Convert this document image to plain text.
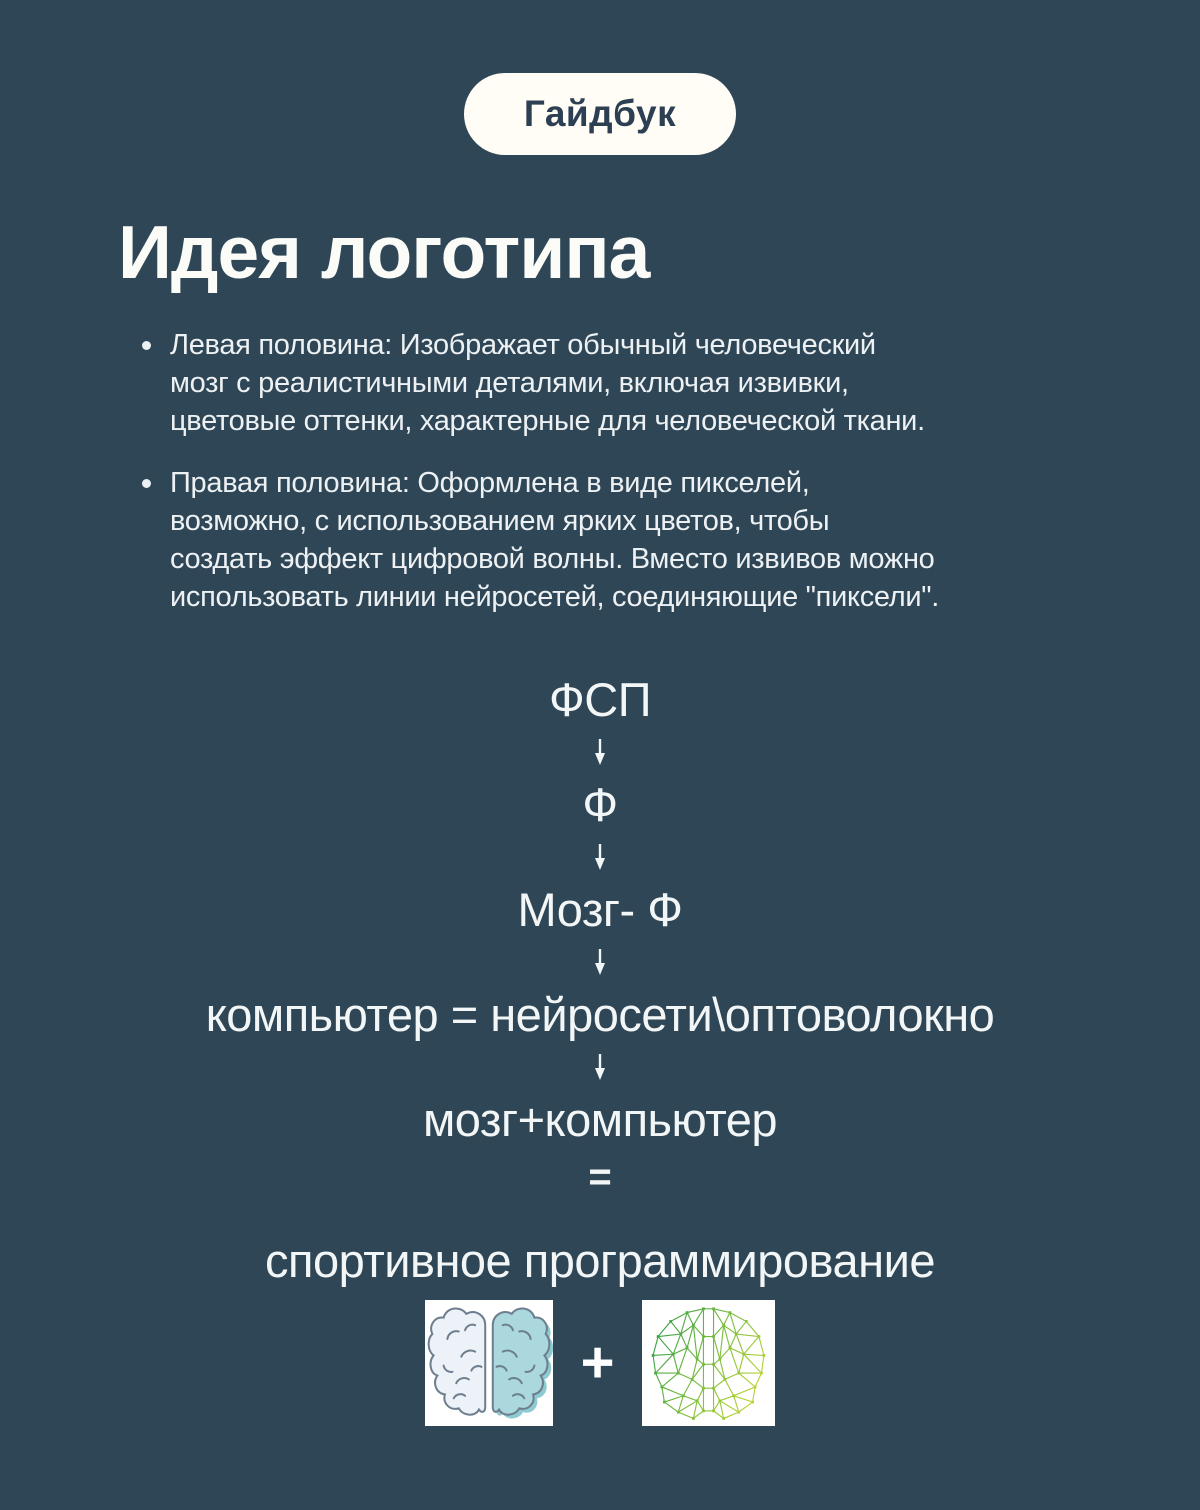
Гайдбук
Идея логотипа
Левая половина: Изображает обычный человеческий
мозг с реалистичными деталями, включая извивки,
цветовые оттенки, характерные для человеческой ткани.
Правая половина: Оформлена в виде пикселей,
возможно, с использованием ярких цветов, чтобы
создать эффект цифровой волны. Вместо извивов можно
использовать линии нейросетей, соединяющие "пиксели".
ФСП
Ф
Мозг- Ф
компьютер = нейросети\оптоволокно
мозг+компьютер
=
спортивное программирование
+
